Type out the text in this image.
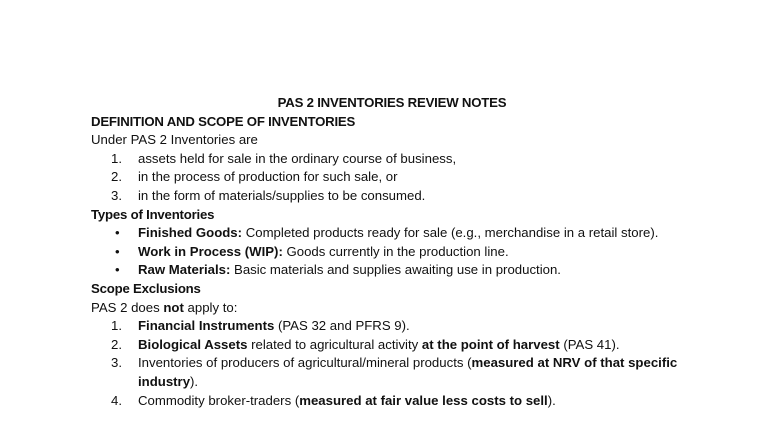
PAS 2 INVENTORIES REVIEW NOTES
DEFINITION AND SCOPE OF INVENTORIES
Under PAS 2 Inventories are
1.	assets held for sale in the ordinary course of business,
2.	in the process of production for such sale, or
3.	in the form of materials/supplies to be consumed.
Types of Inventories
• Finished Goods: Completed products ready for sale (e.g., merchandise in a retail store).
• Work in Process (WIP): Goods currently in the production line.
• Raw Materials: Basic materials and supplies awaiting use in production.
Scope Exclusions
PAS 2 does not apply to:
1.	Financial Instruments (PAS 32 and PFRS 9).
2.	Biological Assets related to agricultural activity at the point of harvest (PAS 41).
3.	Inventories of producers of agricultural/mineral products (measured at NRV of that specific industry).
4.	Commodity broker-traders (measured at fair value less costs to sell).
